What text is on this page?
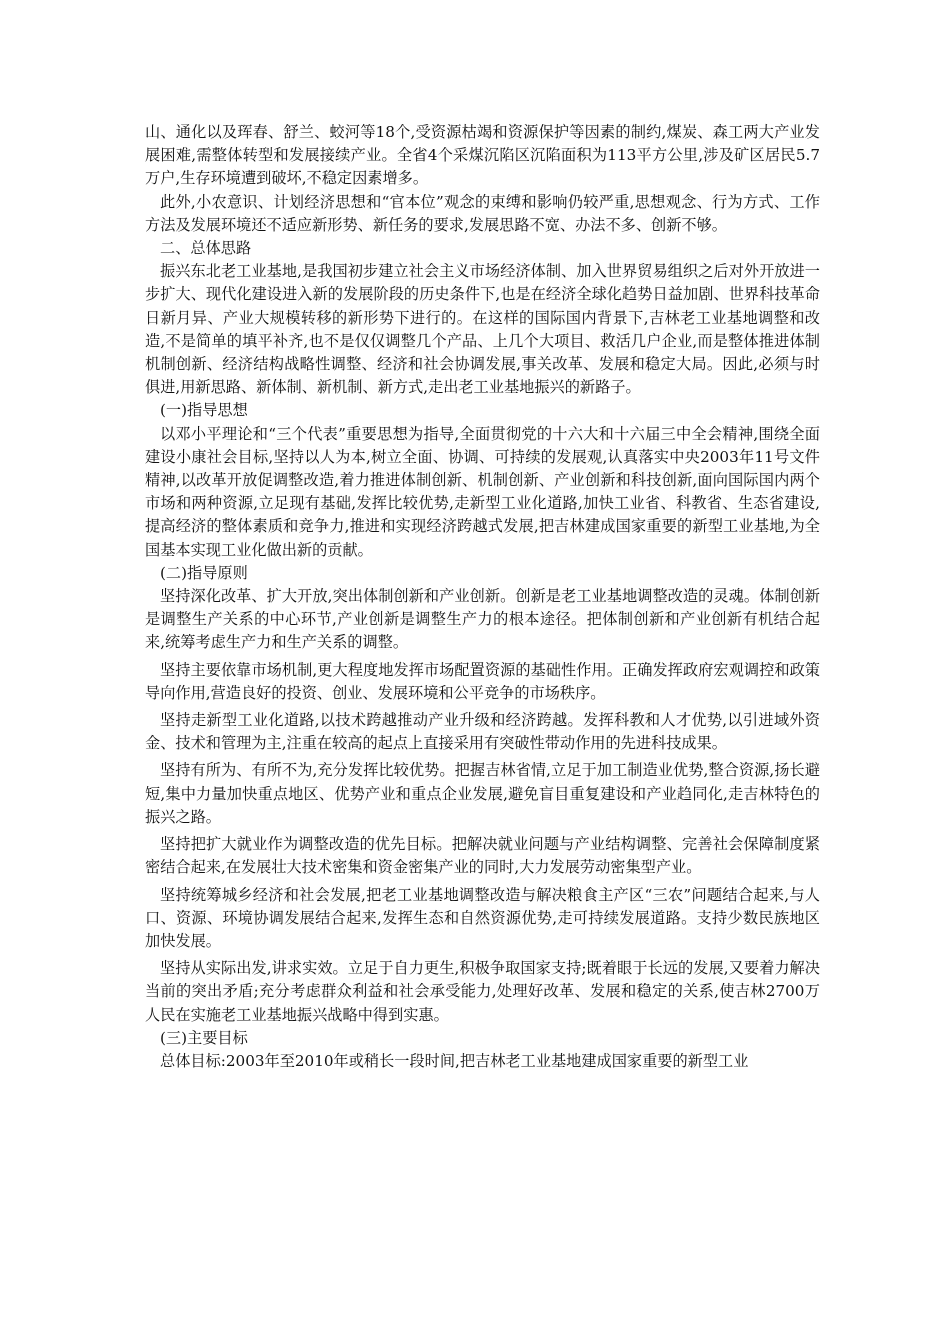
山、通化以及珲春、舒兰、蛟河等18个,受资源枯竭和资源保护等因素的制约,煤炭、森工两大产业发展困难,需整体转型和发展接续产业。全省4个采煤沉陷区沉陷面积为113平方公里,涉及矿区居民5.7万户,生存环境遭到破坏,不稳定因素增多。

此外,小农意识、计划经济思想和“官本位”观念的束缚和影响仍较严重,思想观念、行为方式、工作方法及发展环境还不适应新形势、新任务的要求,发展思路不宽、办法不多、创新不够。

二、总体思路

振兴东北老工业基地,是我国初步建立社会主义市场经济体制、加入世界贸易组织之后对外开放进一步扩大、现代化建设进入新的发展阶段的历史条件下,也是在经济全球化趋势日益加剧、世界科技革命日新月异、产业大规模转移的新形势下进行的。在这样的国际国内背景下,吉林老工业基地调整和改造,不是简单的填平补齐,也不是仅仅调整几个产品、上几个大项目、救活几户企业,而是整体推进体制机制创新、经济结构战略性调整、经济和社会协调发展,事关改革、发展和稳定大局。因此,必须与时俱进,用新思路、新体制、新机制、新方式,走出老工业基地振兴的新路子。

(一)指导思想

以邓小平理论和“三个代表”重要思想为指导,全面贯彻党的十六大和十六届三中全会精神,围绕全面建设小康社会目标,坚持以人为本,树立全面、协调、可持续的发展观,认真落实中央2003年11号文件精神,以改革开放促调整改造,着力推进体制创新、机制创新、产业创新和科技创新,面向国际国内两个市场和两种资源,立足现有基础,发挥比较优势,走新型工业化道路,加快工业省、科教省、生态省建设,提高经济的整体素质和竞争力,推进和实现经济跨越式发展,把吉林建成国家重要的新型工业基地,为全国基本实现工业化做出新的贡献。

(二)指导原则

坚持深化改革、扩大开放,突出体制创新和产业创新。创新是老工业基地调整改造的灵魂。体制创新是调整生产关系的中心环节,产业创新是调整生产力的根本途径。把体制创新和产业创新有机结合起来,统筹考虑生产力和生产关系的调整。

坚持主要依靠市场机制,更大程度地发挥市场配置资源的基础性作用。正确发挥政府宏观调控和政策导向作用,营造良好的投资、创业、发展环境和公平竞争的市场秩序。

坚持走新型工业化道路,以技术跨越推动产业升级和经济跨越。发挥科教和人才优势,以引进域外资金、技术和管理为主,注重在较高的起点上直接采用有突破性带动作用的先进科技成果。

坚持有所为、有所不为,充分发挥比较优势。把握吉林省情,立足于加工制造业优势,整合资源,扬长避短,集中力量加快重点地区、优势产业和重点企业发展,避免盲目重复建设和产业趋同化,走吉林特色的振兴之路。

坚持把扩大就业作为调整改造的优先目标。把解决就业问题与产业结构调整、完善社会保障制度紧密结合起来,在发展壮大技术密集和资金密集产业的同时,大力发展劳动密集型产业。

坚持统筹城乡经济和社会发展,把老工业基地调整改造与解决粮食主产区“三农”问题结合起来,与人口、资源、环境协调发展结合起来,发挥生态和自然资源优势,走可持续发展道路。支持少数民族地区加快发展。

坚持从实际出发,讲求实效。立足于自力更生,积极争取国家支持;既着眼于长远的发展,又要着力解决当前的突出矛盾;充分考虑群众利益和社会承受能力,处理好改革、发展和稳定的关系,使吉林2700万人民在实施老工业基地振兴战略中得到实惠。

(三)主要目标

总体目标:2003年至2010年或稍长一段时间,把吉林老工业基地建成国家重要的新型工业
